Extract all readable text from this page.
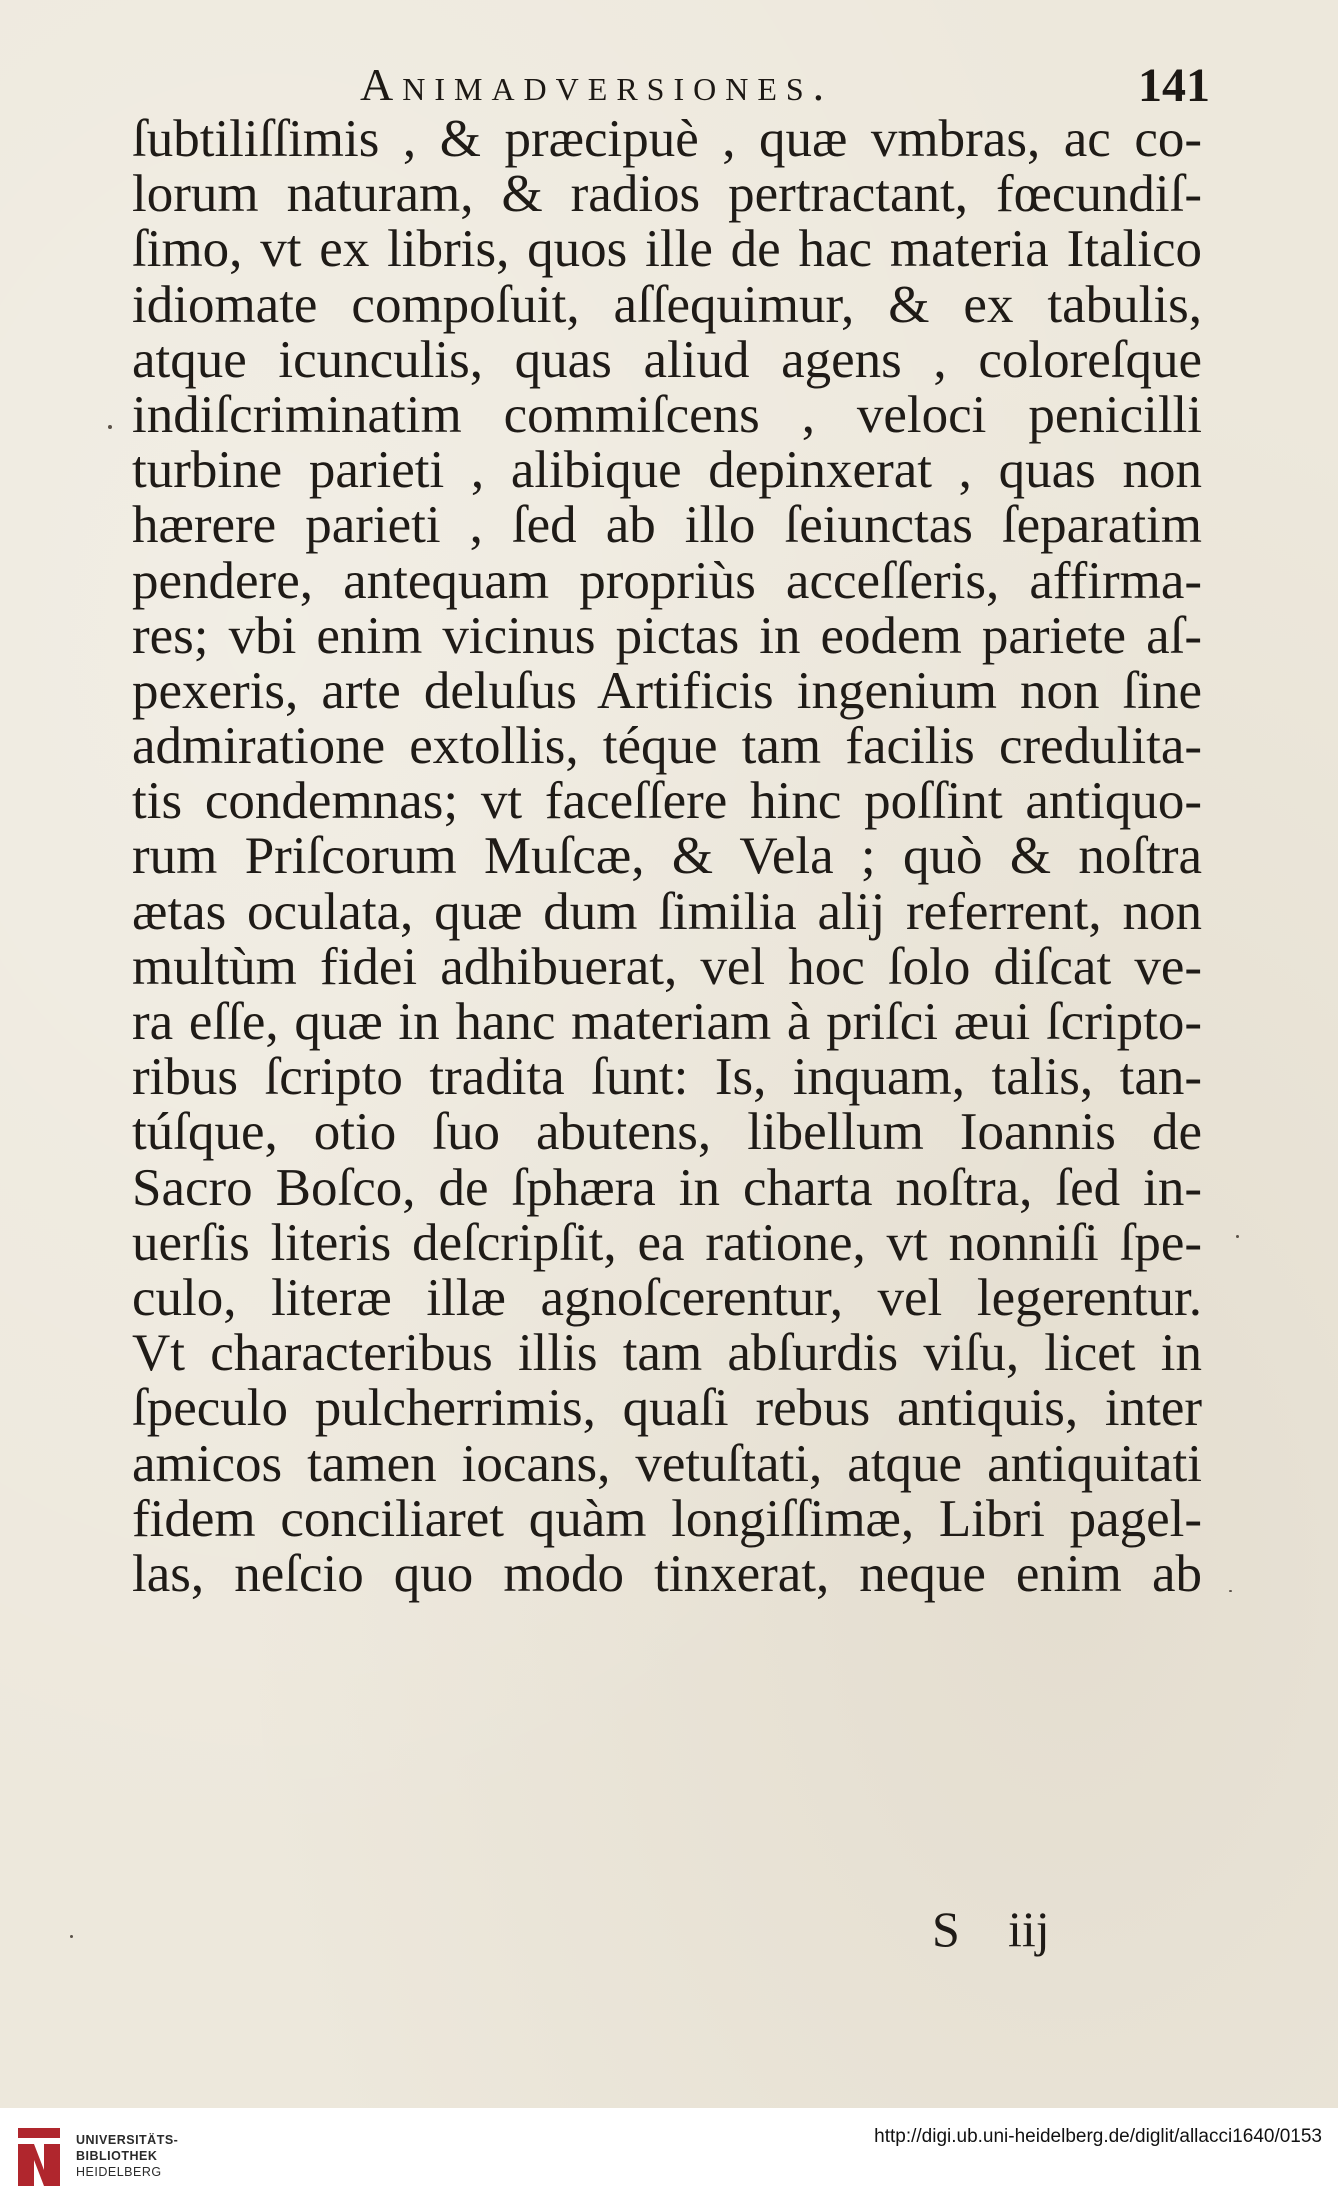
Animadversiones.	141
ſubtiliſſimis , & præcipuè , quæ vmbras, ac co-
lorum naturam, & radios pertractant, fœcundiſ-
ſimo, vt ex libris, quos ille de hac materia Italico
idiomate compoſuit, aſſequimur, & ex tabulis,
atque icunculis, quas aliud agens , coloreſque
indiſcriminatim commiſcens , veloci penicilli
turbine parieti , alibique depinxerat , quas non
hærere parieti , ſed ab illo ſeiunctas ſeparatim
pendere, antequam propriùs acceſſeris, affirma-
res; vbi enim vicinus pictas in eodem pariete aſ-
pexeris, arte deluſus Artificis ingenium non ſine
admiratione extollis, téque tam facilis credulita-
tis condemnas; vt faceſſere hinc poſſint antiquo-
rum Priſcorum Muſcæ, & Vela ; quò & noſtra
ætas oculata, quæ dum ſimilia alij referrent, non
multùm fidei adhibuerat, vel hoc ſolo diſcat ve-
ra eſſe, quæ in hanc materiam à priſci æui ſcripto-
ribus ſcripto tradita ſunt: Is, inquam, talis, tan-
túſque, otio ſuo abutens, libellum Ioannis de
Sacro Boſco, de ſphæra in charta noſtra, ſed in-
uerſis literis deſcripſit, ea ratione, vt nonniſi ſpe-
culo, literæ illæ agnoſcerentur, vel legerentur.
Vt characteribus illis tam abſurdis viſu, licet in
ſpeculo pulcherrimis, quaſi rebus antiquis, inter
amicos tamen iocans, vetuſtati, atque antiquitati
fidem conciliaret quàm longiſſimæ, Libri pagel-
las, neſcio quo modo tinxerat, neque enim ab
S iij
UNIVERSITÄTS-
BIBLIOTHEK
HEIDELBERG
http://digi.ub.uni-heidelberg.de/diglit/allacci1640/0153
